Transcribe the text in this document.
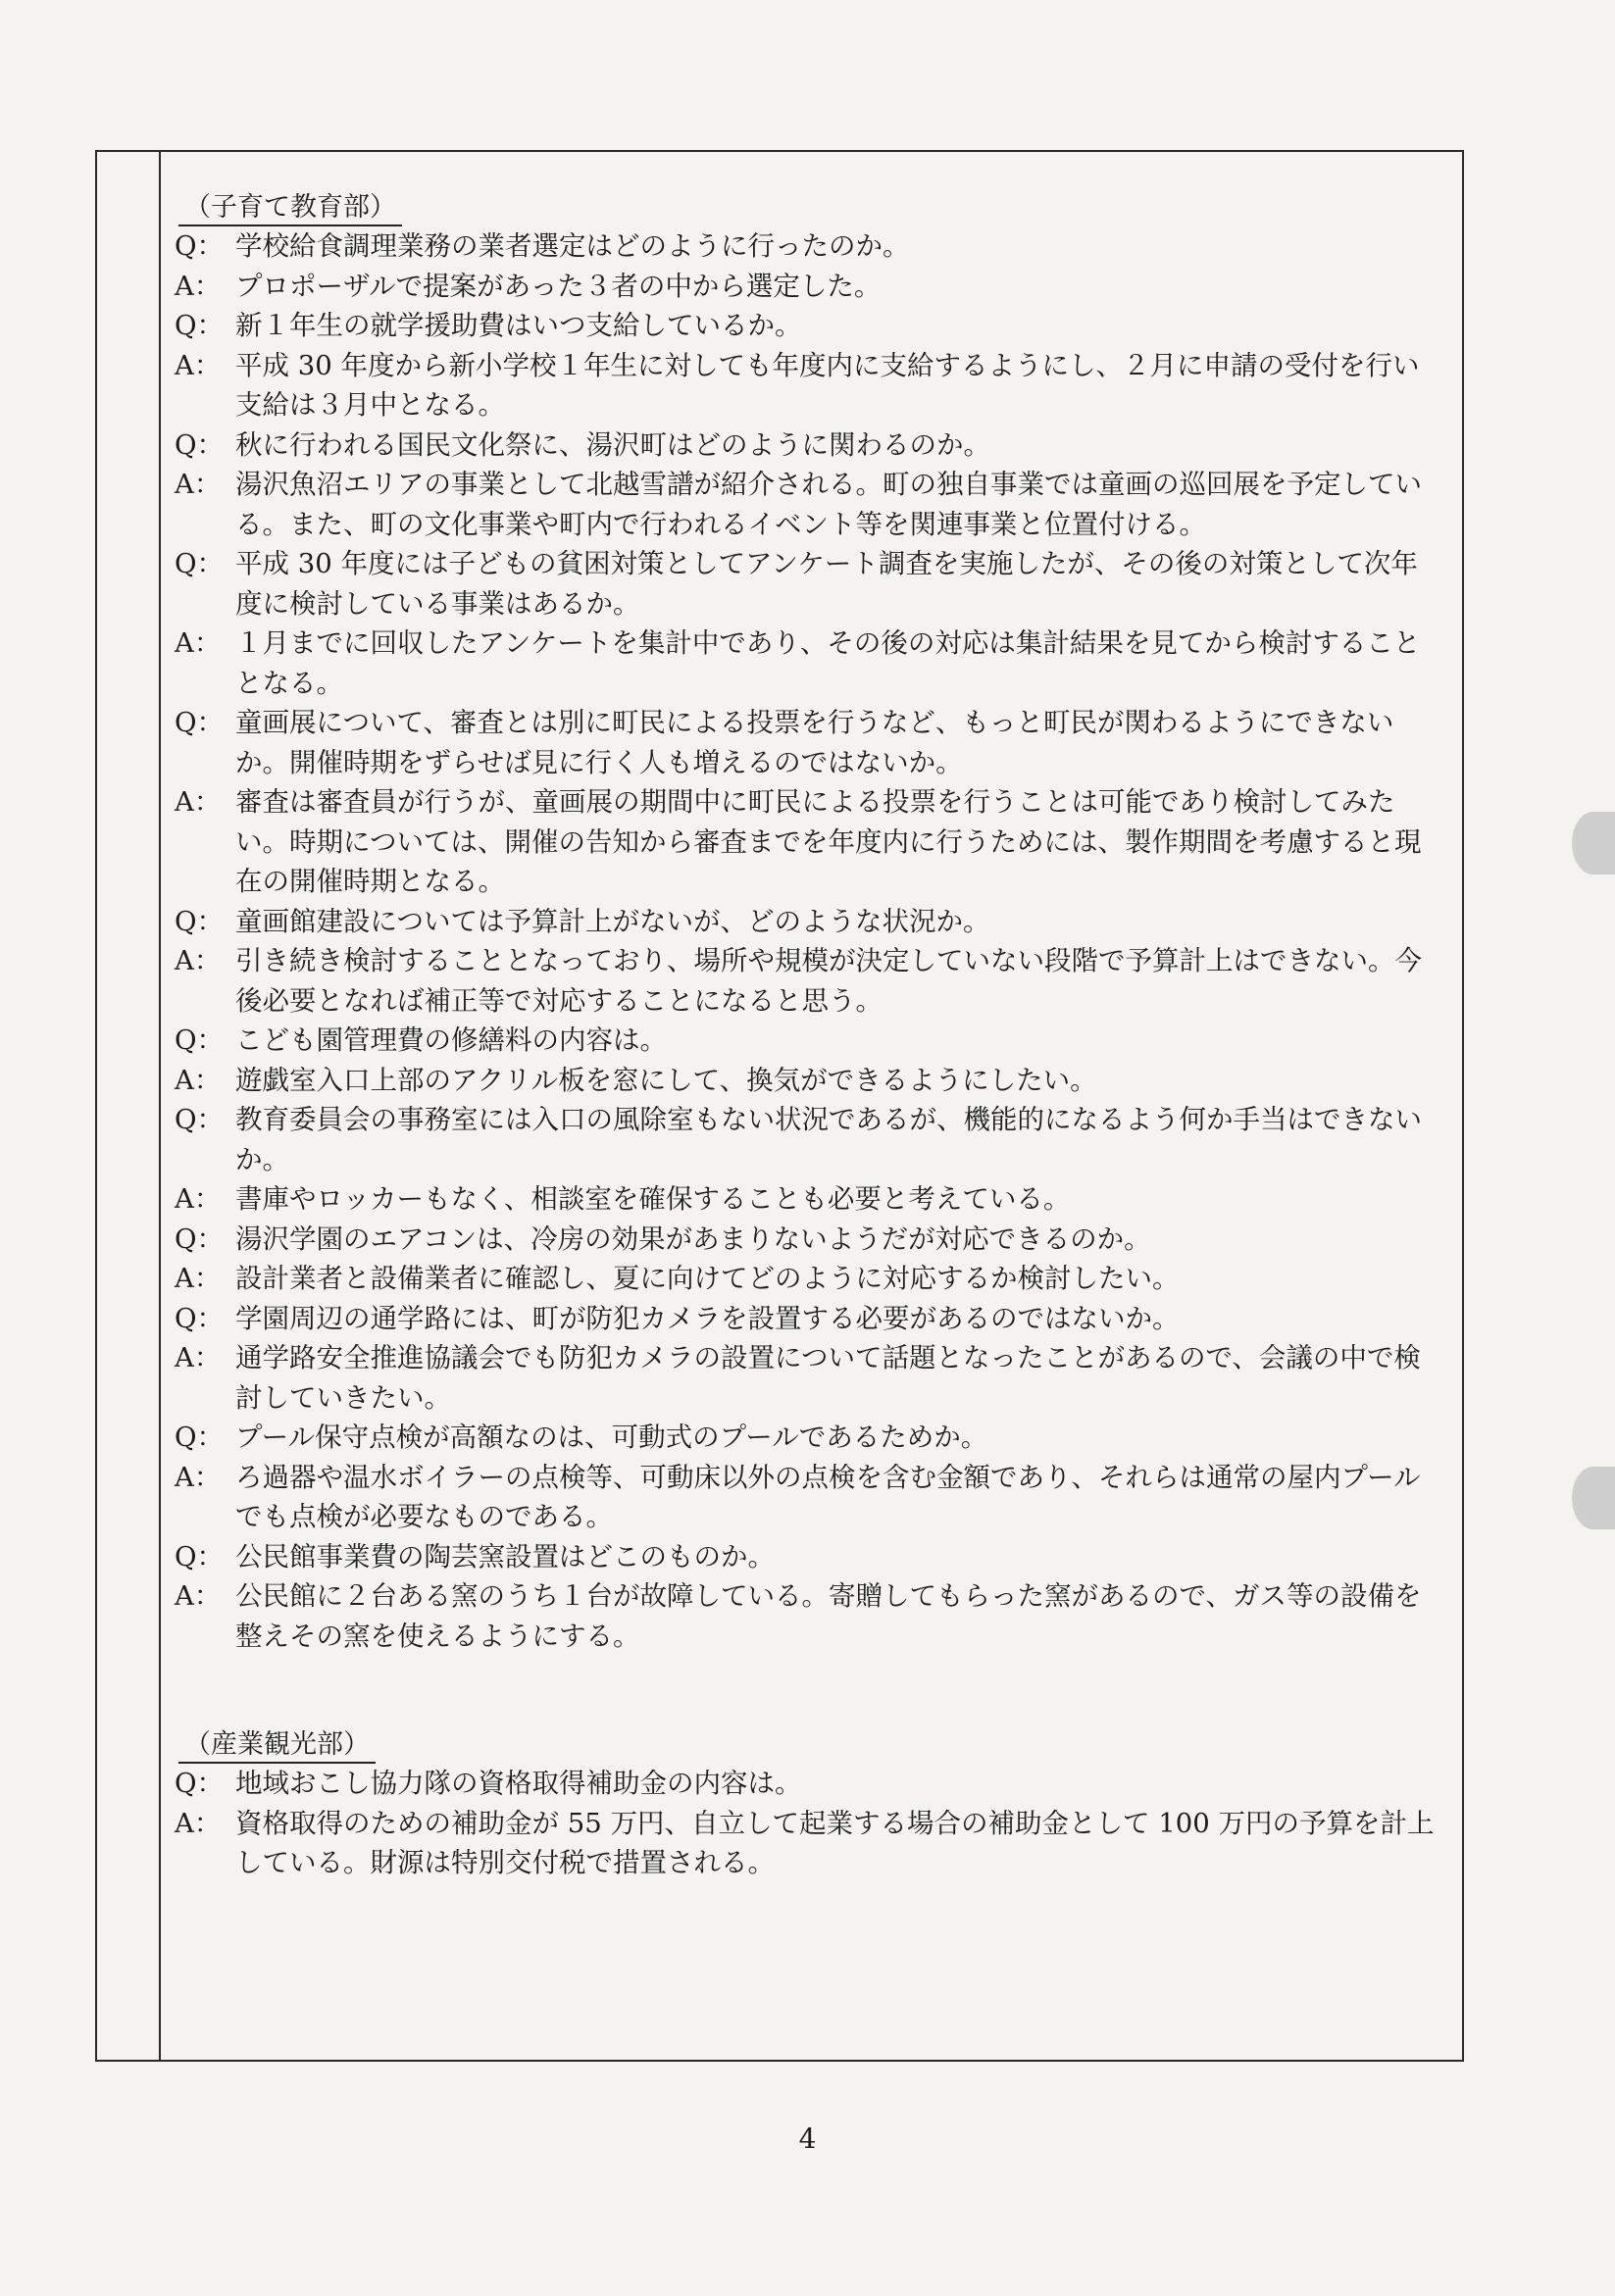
（子育て教育部）
Q： 学校給食調理業務の業者選定はどのように行ったのか。
A： プロポーザルで提案があった３者の中から選定した。
Q： 新１年生の就学援助費はいつ支給しているか。
A： 平成 30 年度から新小学校１年生に対しても年度内に支給するようにし、２月に申請の受付を行い支給は３月中となる。
Q： 秋に行われる国民文化祭に、湯沢町はどのように関わるのか。
A： 湯沢魚沼エリアの事業として北越雪譜が紹介される。町の独自事業では童画の巡回展を予定している。また、町の文化事業や町内で行われるイベント等を関連事業と位置付ける。
Q： 平成 30 年度には子どもの貧困対策としてアンケート調査を実施したが、その後の対策として次年度に検討している事業はあるか。
A： １月までに回収したアンケートを集計中であり、その後の対応は集計結果を見てから検討することとなる。
Q： 童画展について、審査とは別に町民による投票を行うなど、もっと町民が関わるようにできないか。開催時期をずらせば見に行く人も増えるのではないか。
A： 審査は審査員が行うが、童画展の期間中に町民による投票を行うことは可能であり検討してみたい。時期については、開催の告知から審査までを年度内に行うためには、製作期間を考慮すると現在の開催時期となる。
Q： 童画館建設については予算計上がないが、どのような状況か。
A： 引き続き検討することとなっており、場所や規模が決定していない段階で予算計上はできない。今後必要となれば補正等で対応することになると思う。
Q： こども園管理費の修繕料の内容は。
A： 遊戯室入口上部のアクリル板を窓にして、換気ができるようにしたい。
Q： 教育委員会の事務室には入口の風除室もない状況であるが、機能的になるよう何か手当はできないか。
A： 書庫やロッカーもなく、相談室を確保することも必要と考えている。
Q： 湯沢学園のエアコンは、冷房の効果があまりないようだが対応できるのか。
A： 設計業者と設備業者に確認し、夏に向けてどのように対応するか検討したい。
Q： 学園周辺の通学路には、町が防犯カメラを設置する必要があるのではないか。
A： 通学路安全推進協議会でも防犯カメラの設置について話題となったことがあるので、会議の中で検討していきたい。
Q： プール保守点検が高額なのは、可動式のプールであるためか。
A： ろ過器や温水ボイラーの点検等、可動床以外の点検を含む金額であり、それらは通常の屋内プールでも点検が必要なものである。
Q： 公民館事業費の陶芸窯設置はどこのものか。
A： 公民館に２台ある窯のうち１台が故障している。寄贈してもらった窯があるので、ガス等の設備を整えその窯を使えるようにする。
（産業観光部）
Q： 地域おこし協力隊の資格取得補助金の内容は。
A： 資格取得のための補助金が 55 万円、自立して起業する場合の補助金として 100 万円の予算を計上している。財源は特別交付税で措置される。
4
